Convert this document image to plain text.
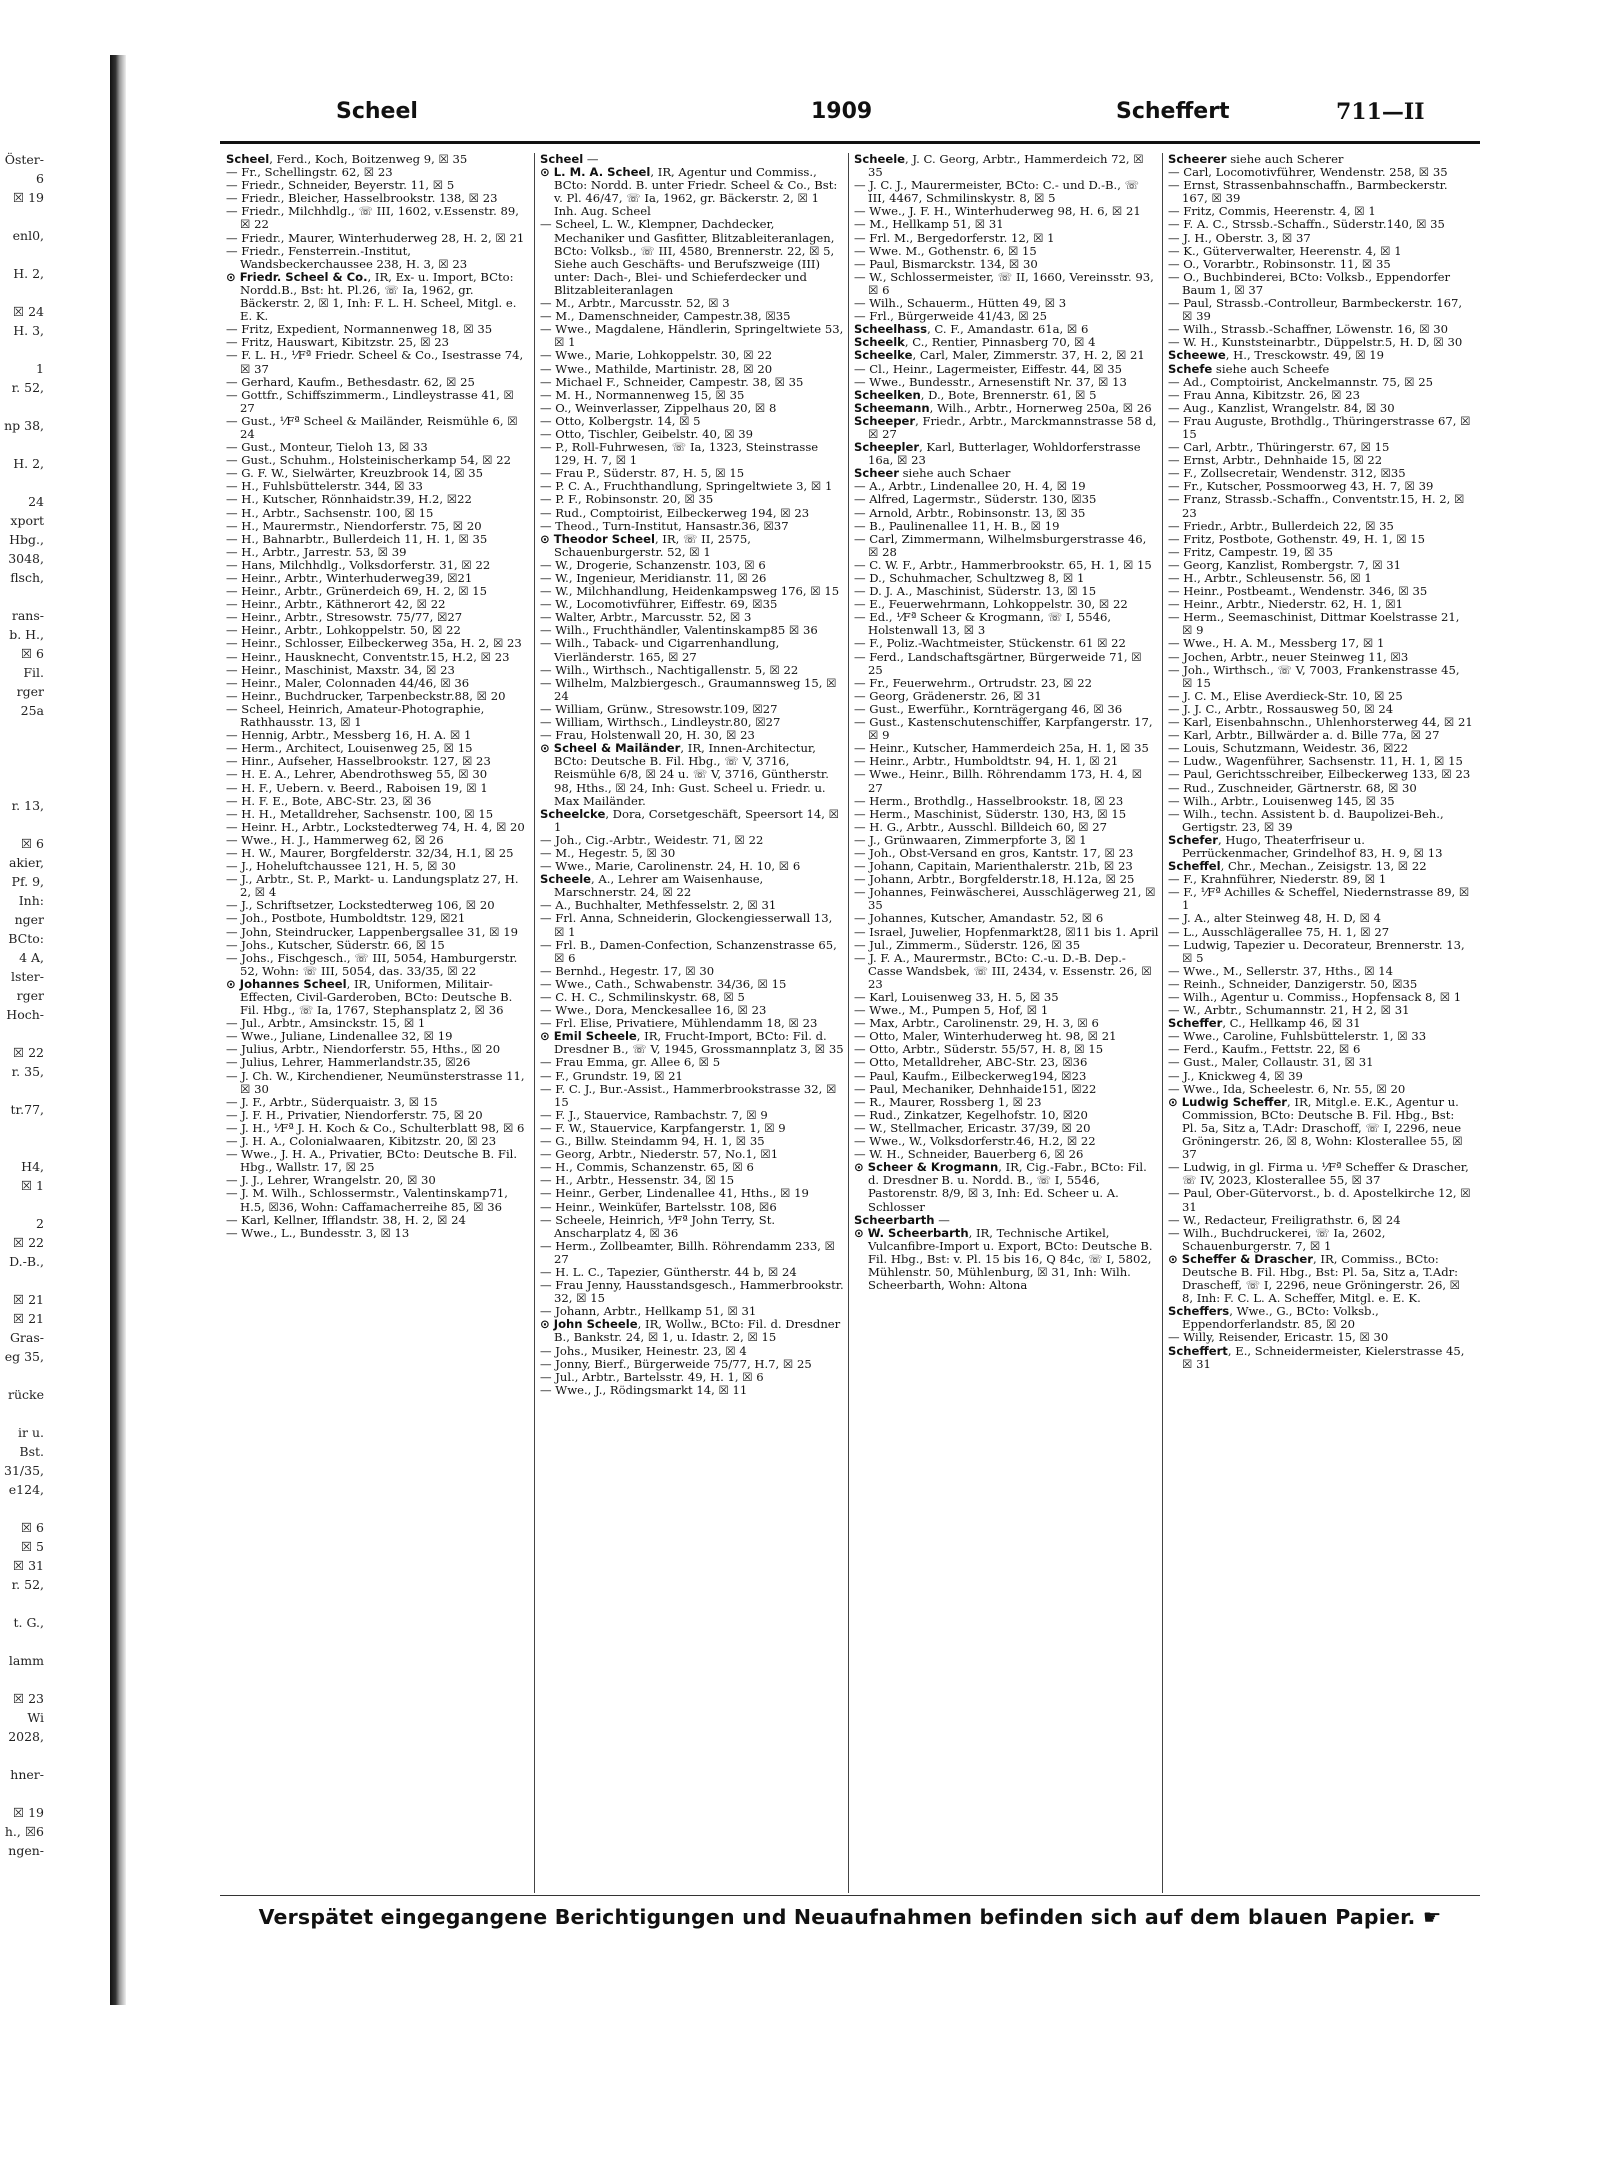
Öster-
6
☒ 19

enl0,

H. 2,

☒ 24
H. 3,

1
r. 52,

np 38,

H. 2,

24
xport
Hbg.,
3048,
flsch,

rans-
b. H.,
☒ 6
Fil.
rger
25a

r. 13,

☒ 6
akier,
Pf. 9,
Inh:
nger
BCto:
4 A,
lster-
rger
Hoch-

☒ 22
r. 35,

tr.77,

H4,
☒ 1

2
☒ 22
D.-B.,

☒ 21
☒ 21
Gras-
eg 35,

rücke

ir u.
Bst.
31/35,
e124,

☒ 6
☒ 5
☒ 31
r. 52,

t. G.,

lamm

☒ 23
Wi
2028,

hner-

☒ 19
h., ☒6
ngen-
Scheel	1909	Scheffert	711—II

Scheel, Ferd., Koch, Boitzenweg 9, ☒ 35

— Fr., Schellingstr. 62, ☒ 23

— Friedr., Schneider, Beyerstr. 11, ☒ 5

— Friedr., Bleicher, Hasselbrookstr. 138, ☒ 23

— Friedr., Milchhdlg., ☏ III, 1602, v.Essenstr. 89, ☒ 22

— Friedr., Maurer, Winterhuderweg 28, H. 2, ☒ 21

— Friedr., Fensterrein.-Institut, Wandsbeckerchaussee 238, H. 3, ☒ 23

⊙ Friedr. Scheel & Co., IR, Ex- u. Import, BCto: Nordd.B., Bst: ht. Pl.26, ☏ Ia, 1962, gr. Bäckerstr. 2, ☒ 1, Inh: F. L. H. Scheel, Mitgl. e. E. K.

— Fritz, Expedient, Normannenweg 18, ☒ 35

— Fritz, Hauswart, Kibitzstr. 25, ☒ 23

— F. L. H., ⅟Fª Friedr. Scheel & Co., Isestrasse 74, ☒ 37

— Gerhard, Kaufm., Bethesdastr. 62, ☒ 25

— Gottfr., Schiffszimmerm., Lindleystrasse 41, ☒ 27

— Gust., ⅟Fª Scheel & Mailänder, Reismühle 6, ☒ 24

— Gust., Monteur, Tieloh 13, ☒ 33

— Gust., Schuhm., Holsteinischerkamp 54, ☒ 22

— G. F. W., Sielwärter, Kreuzbrook 14, ☒ 35

— H., Fuhlsbüttelerstr. 344, ☒ 33

— H., Kutscher, Rönnhaidstr.39, H.2, ☒22

— H., Arbtr., Sachsenstr. 100, ☒ 15

— H., Maurermstr., Niendorferstr. 75, ☒ 20

— H., Bahnarbtr., Bullerdeich 11, H. 1, ☒ 35

— H., Arbtr., Jarrestr. 53, ☒ 39

— Hans, Milchhdlg., Volksdorferstr. 31, ☒ 22

— Heinr., Arbtr., Winterhuderweg39, ☒21

— Heinr., Arbtr., Grünerdeich 69, H. 2, ☒ 15

— Heinr., Arbtr., Käthnerort 42, ☒ 22

— Heinr., Arbtr., Stresowstr. 75/77, ☒27

— Heinr., Arbtr., Lohkoppelstr. 50, ☒ 22

— Heinr., Schlosser, Eilbeckerweg 35a, H. 2, ☒ 23

— Heinr., Hausknecht, Conventstr.15, H.2, ☒ 23

— Heinr., Maschinist, Maxstr. 34, ☒ 23

— Heinr., Maler, Colonnaden 44/46, ☒ 36

— Heinr., Buchdrucker, Tarpenbeckstr.88, ☒ 20

— Scheel, Heinrich, Amateur-Photographie, Rathhausstr. 13, ☒ 1

— Hennig, Arbtr., Messberg 16, H. A. ☒ 1

— Herm., Architect, Louisenweg 25, ☒ 15

— Hinr., Aufseher, Hasselbrookstr. 127, ☒ 23

— H. E. A., Lehrer, Abendrothsweg 55, ☒ 30

— H. F., Uebern. v. Beerd., Raboisen 19, ☒ 1

— H. F. E., Bote, ABC-Str. 23, ☒ 36

— H. H., Metalldreher, Sachsenstr. 100, ☒ 15

— Heinr. H., Arbtr., Lockstedterweg 74, H. 4, ☒ 20

— Wwe., H. J., Hammerweg 62, ☒ 26

— H. W., Maurer, Borgfelderstr. 32/34, H.1, ☒ 25

— J., Hoheluftchaussee 121, H. 5, ☒ 30

— J., Arbtr., St. P., Markt- u. Landungsplatz 27, H. 2, ☒ 4

— J., Schriftsetzer, Lockstedterweg 106, ☒ 20

— Joh., Postbote, Humboldtstr. 129, ☒21

— John, Steindrucker, Lappenbergsallee 31, ☒ 19

— Johs., Kutscher, Süderstr. 66, ☒ 15

— Johs., Fischgesch., ☏ III, 5054, Hamburgerstr. 52, Wohn: ☏ III, 5054, das. 33/35, ☒ 22

⊙ Johannes Scheel, IR, Uniformen, Militair-Effecten, Civil-Garderoben, BCto: Deutsche B. Fil. Hbg., ☏ Ia, 1767, Stephansplatz 2, ☒ 36

— Jul., Arbtr., Amsinckstr. 15, ☒ 1

— Wwe., Juliane, Lindenallee 32, ☒ 19

— Julius, Arbtr., Niendorferstr. 55, Hths., ☒ 20

— Julius, Lehrer, Hammerlandstr.35, ☒26

— J. Ch. W., Kirchendiener, Neumünsterstrasse 11, ☒ 30

— J. F., Arbtr., Süderquaistr. 3, ☒ 15

— J. F. H., Privatier, Niendorferstr. 75, ☒ 20

— J. H., ⅟Fª J. H. Koch & Co., Schulterblatt 98, ☒ 6

— J. H. A., Colonialwaaren, Kibitzstr. 20, ☒ 23

— Wwe., J. H. A., Privatier, BCto: Deutsche B. Fil. Hbg., Wallstr. 17, ☒ 25

— J. J., Lehrer, Wrangelstr. 20, ☒ 30

— J. M. Wilh., Schlossermstr., Valentinskamp71, H.5, ☒36, Wohn: Caffamacherreihe 85, ☒ 36

— Karl, Kellner, Ifflandstr. 38, H. 2, ☒ 24

— Wwe., L., Bundesstr. 3, ☒ 13

Scheel —

⊙ L. M. A. Scheel, IR, Agentur und Commiss., BCto: Nordd. B. unter Friedr. Scheel & Co., Bst: v. Pl. 46/47, ☏ Ia, 1962, gr. Bäckerstr. 2, ☒ 1 Inh. Aug. Scheel

— Scheel, L. W., Klempner, Dachdecker, Mechaniker und Gasfitter, Blitzableiteranlagen, BCto: Volksb., ☏ III, 4580, Brennerstr. 22, ☒ 5, Siehe auch Geschäfts- und Berufszweige (III) unter: Dach-, Blei- und Schieferdecker und Blitzableiteranlagen

— M., Arbtr., Marcusstr. 52, ☒ 3

— M., Damenschneider, Campestr.38, ☒35

— Wwe., Magdalene, Händlerin, Springeltwiete 53, ☒ 1

— Wwe., Marie, Lohkoppelstr. 30, ☒ 22

— Wwe., Mathilde, Martinistr. 28, ☒ 20

— Michael F., Schneider, Campestr. 38, ☒ 35

— M. H., Normannenweg 15, ☒ 35

— O., Weinverlasser, Zippelhaus 20, ☒ 8

— Otto, Kolbergstr. 14, ☒ 5

— Otto, Tischler, Geibelstr. 40, ☒ 39

— P., Roll-Fuhrwesen, ☏ Ia, 1323, Steinstrasse 129, H. 7, ☒ 1

— Frau P., Süderstr. 87, H. 5, ☒ 15

— P. C. A., Fruchthandlung, Springeltwiete 3, ☒ 1

— P. F., Robinsonstr. 20, ☒ 35

— Rud., Comptoirist, Eilbeckerweg 194, ☒ 23

— Theod., Turn-Institut, Hansastr.36, ☒37

⊙ Theodor Scheel, IR, ☏ II, 2575, Schauenburgerstr. 52, ☒ 1

— W., Drogerie, Schanzenstr. 103, ☒ 6

— W., Ingenieur, Meridianstr. 11, ☒ 26

— W., Milchhandlung, Heidenkampsweg 176, ☒ 15

— W., Locomotivführer, Eiffestr. 69, ☒35

— Walter, Arbtr., Marcusstr. 52, ☒ 3

— Wilh., Fruchthändler, Valentinskamp85 ☒ 36

— Wilh., Taback- und Cigarrenhandlung, Vierländerstr. 165, ☒ 27

— Wilh., Wirthsch., Nachtigallenstr. 5, ☒ 22

— Wilhelm, Malzbiergesch., Graumannsweg 15, ☒ 24

— William, Grünw., Stresowstr.109, ☒27

— William, Wirthsch., Lindleystr.80, ☒27

— Frau, Holstenwall 20, H. 30, ☒ 23

⊙ Scheel & Mailänder, IR, Innen-Architectur, BCto: Deutsche B. Fil. Hbg., ☏ V, 3716, Reismühle 6/8, ☒ 24 u. ☏ V, 3716, Güntherstr. 98, Hths., ☒ 24, Inh: Gust. Scheel u. Friedr. u. Max Mailänder.

Scheelcke, Dora, Corsetgeschäft, Speersort 14, ☒ 1

— Joh., Cig.-Arbtr., Weidestr. 71, ☒ 22

— M., Hegestr. 5, ☒ 30

— Wwe., Marie, Carolinenstr. 24, H. 10, ☒ 6

Scheele, A., Lehrer am Waisenhause, Marschnerstr. 24, ☒ 22

— A., Buchhalter, Methfesselstr. 2, ☒ 31

— Frl. Anna, Schneiderin, Glockengiesserwall 13, ☒ 1

— Frl. B., Damen-Confection, Schanzenstrasse 65, ☒ 6

— Bernhd., Hegestr. 17, ☒ 30

— Wwe., Cath., Schwabenstr. 34/36, ☒ 15

— C. H. C., Schmilinskystr. 68, ☒ 5

— Wwe., Dora, Menckesallee 16, ☒ 23

— Frl. Elise, Privatiere, Mühlendamm 18, ☒ 23

⊙ Emil Scheele, IR, Frucht-Import, BCto: Fil. d. Dresdner B., ☏ V, 1945, Grossmannplatz 3, ☒ 35

— Frau Emma, gr. Allee 6, ☒ 5

— F., Grundstr. 19, ☒ 21

— F. C. J., Bur.-Assist., Hammerbrookstrasse 32, ☒ 15

— F. J., Stauervice, Rambachstr. 7, ☒ 9

— F. W., Stauervice, Karpfangerstr. 1, ☒ 9

— G., Billw. Steindamm 94, H. 1, ☒ 35

— Georg, Arbtr., Niederstr. 57, No.1, ☒1

— H., Commis, Schanzenstr. 65, ☒ 6

— H., Arbtr., Hessenstr. 34, ☒ 15

— Heinr., Gerber, Lindenallee 41, Hths., ☒ 19

— Heinr., Weinküfer, Bartelsstr. 108, ☒6

— Scheele, Heinrich, ⅟Fª John Terry, St. Anscharplatz 4, ☒ 36

— Herm., Zollbeamter, Billh. Röhrendamm 233, ☒ 27

— H. L. C., Tapezier, Güntherstr. 44 b, ☒ 24

— Frau Jenny, Hausstandsgesch., Hammerbrookstr. 32, ☒ 15

— Johann, Arbtr., Hellkamp 51, ☒ 31

⊙ John Scheele, IR, Wollw., BCto: Fil. d. Dresdner B., Bankstr. 24, ☒ 1, u. Idastr. 2, ☒ 15

— Johs., Musiker, Heinestr. 23, ☒ 4

— Jonny, Bierf., Bürgerweide 75/77, H.7, ☒ 25

— Jul., Arbtr., Bartelsstr. 49, H. 1, ☒ 6

— Wwe., J., Rödingsmarkt 14, ☒ 11

Scheele, J. C. Georg, Arbtr., Hammerdeich 72, ☒ 35

— J. C. J., Maurermeister, BCto: C.- und D.-B., ☏ III, 4467, Schmilinskystr. 8, ☒ 5

— Wwe., J. F. H., Winterhuderweg 98, H. 6, ☒ 21

— M., Hellkamp 51, ☒ 31

— Frl. M., Bergedorferstr. 12, ☒ 1

— Wwe. M., Gothenstr. 6, ☒ 15

— Paul, Bismarckstr. 134, ☒ 30

— W., Schlossermeister, ☏ II, 1660, Vereinsstr. 93, ☒ 6

— Wilh., Schauerm., Hütten 49, ☒ 3

— Frl., Bürgerweide 41/43, ☒ 25

Scheelhass, C. F., Amandastr. 61a, ☒ 6

Scheelk, C., Rentier, Pinnasberg 70, ☒ 4

Scheelke, Carl, Maler, Zimmerstr. 37, H. 2, ☒ 21

— Cl., Heinr., Lagermeister, Eiffestr. 44, ☒ 35

— Wwe., Bundesstr., Arnesenstift Nr. 37, ☒ 13

Scheelken, D., Bote, Brennerstr. 61, ☒ 5

Scheemann, Wilh., Arbtr., Hornerweg 250a, ☒ 26

Scheeper, Friedr., Arbtr., Marckmannstrasse 58 d, ☒ 27

Scheepler, Karl, Butterlager, Wohldorferstrasse 16a, ☒ 23

Scheer siehe auch Schaer

— A., Arbtr., Lindenallee 20, H. 4, ☒ 19

— Alfred, Lagermstr., Süderstr. 130, ☒35

— Arnold, Arbtr., Robinsonstr. 13, ☒ 35

— B., Paulinenallee 11, H. B., ☒ 19

— Carl, Zimmermann, Wilhelmsburgerstrasse 46, ☒ 28

— C. W. F., Arbtr., Hammerbrookstr. 65, H. 1, ☒ 15

— D., Schuhmacher, Schultzweg 8, ☒ 1

— D. J. A., Maschinist, Süderstr. 13, ☒ 15

— E., Feuerwehrmann, Lohkoppelstr. 30, ☒ 22

— Ed., ⅟Fª Scheer & Krogmann, ☏ I, 5546, Holstenwall 13, ☒ 3

— F., Poliz.-Wachtmeister, Stückenstr. 61 ☒ 22

— Ferd., Landschaftsgärtner, Bürgerweide 71, ☒ 25

— Fr., Feuerwehrm., Ortrudstr. 23, ☒ 22

— Georg, Grädenerstr. 26, ☒ 31

— Gust., Ewerführ., Kornträgergang 46, ☒ 36

— Gust., Kastenschutenschiffer, Karpfangerstr. 17, ☒ 9

— Heinr., Kutscher, Hammerdeich 25a, H. 1, ☒ 35

— Heinr., Arbtr., Humboldtstr. 94, H. 1, ☒ 21

— Wwe., Heinr., Billh. Röhrendamm 173, H. 4, ☒ 27

— Herm., Brothdlg., Hasselbrookstr. 18, ☒ 23

— Herm., Maschinist, Süderstr. 130, H3, ☒ 15

— H. G., Arbtr., Ausschl. Billdeich 60, ☒ 27

— J., Grünwaaren, Zimmerpforte 3, ☒ 1

— Joh., Obst-Versand en gros, Kantstr. 17, ☒ 23

— Johann, Capitain, Marienthalerstr. 21b, ☒ 23

— Johann, Arbtr., Borgfelderstr.18, H.12a, ☒ 25

— Johannes, Feinwäscherei, Ausschlägerweg 21, ☒ 35

— Johannes, Kutscher, Amandastr. 52, ☒ 6

— Israel, Juwelier, Hopfenmarkt28, ☒11 bis 1. April

— Jul., Zimmerm., Süderstr. 126, ☒ 35

— J. F. A., Maurermstr., BCto: C.-u. D.-B. Dep.-Casse Wandsbek, ☏ III, 2434, v. Essenstr. 26, ☒ 23

— Karl, Louisenweg 33, H. 5, ☒ 35

— Wwe., M., Pumpen 5, Hof, ☒ 1

— Max, Arbtr., Carolinenstr. 29, H. 3, ☒ 6

— Otto, Maler, Winterhuderweg ht. 98, ☒ 21

— Otto, Arbtr., Süderstr. 55/57, H. 8, ☒ 15

— Otto, Metalldreher, ABC-Str. 23, ☒36

— Paul, Kaufm., Eilbeckerweg194, ☒23

— Paul, Mechaniker, Dehnhaide151, ☒22

— R., Maurer, Rossberg 1, ☒ 23

— Rud., Zinkatzer, Kegelhofstr. 10, ☒20

— W., Stellmacher, Ericastr. 37/39, ☒ 20

— Wwe., W., Volksdorferstr.46, H.2, ☒ 22

— W. H., Schneider, Bauerberg 6, ☒ 26

⊙ Scheer & Krogmann, IR, Cig.-Fabr., BCto: Fil. d. Dresdner B. u. Nordd. B., ☏ I, 5546, Pastorenstr. 8/9, ☒ 3, Inh: Ed. Scheer u. A. Schlosser

Scheerbarth —

⊙ W. Scheerbarth, IR, Technische Artikel, Vulcanfibre-Import u. Export, BCto: Deutsche B. Fil. Hbg., Bst: v. Pl. 15 bis 16, Q 84c, ☏ I, 5802, Mühlenstr. 50, Mühlenburg, ☒ 31, Inh: Wilh. Scheerbarth, Wohn: Altona

Scheerer siehe auch Scherer

— Carl, Locomotivführer, Wendenstr. 258, ☒ 35

— Ernst, Strassenbahnschaffn., Barmbeckerstr. 167, ☒ 39

— Fritz, Commis, Heerenstr. 4, ☒ 1

— F. A. C., Strssb.-Schaffn., Süderstr.140, ☒ 35

— J. H., Oberstr. 3, ☒ 37

— K., Güterverwalter, Heerenstr. 4, ☒ 1

— O., Vorarbtr., Robinsonstr. 11, ☒ 35

— O., Buchbinderei, BCto: Volksb., Eppendorfer Baum 1, ☒ 37

— Paul, Strassb.-Controlleur, Barmbeckerstr. 167, ☒ 39

— Wilh., Strassb.-Schaffner, Löwenstr. 16, ☒ 30

— W. H., Kunststeinarbtr., Düppelstr.5, H. D, ☒ 30

Scheewe, H., Tresckowstr. 49, ☒ 19

Schefe siehe auch Scheefe

— Ad., Comptoirist, Anckelmannstr. 75, ☒ 25

— Frau Anna, Kibitzstr. 26, ☒ 23

— Aug., Kanzlist, Wrangelstr. 84, ☒ 30

— Frau Auguste, Brothdlg., Thüringerstrasse 67, ☒ 15

— Carl, Arbtr., Thüringerstr. 67, ☒ 15

— Ernst, Arbtr., Dehnhaide 15, ☒ 22

— F., Zollsecretair, Wendenstr. 312, ☒35

— Fr., Kutscher, Possmoorweg 43, H. 7, ☒ 39

— Franz, Strassb.-Schaffn., Conventstr.15, H. 2, ☒ 23

— Friedr., Arbtr., Bullerdeich 22, ☒ 35

— Fritz, Postbote, Gothenstr. 49, H. 1, ☒ 15

— Fritz, Campestr. 19, ☒ 35

— Georg, Kanzlist, Rombergstr. 7, ☒ 31

— H., Arbtr., Schleusenstr. 56, ☒ 1

— Heinr., Postbeamt., Wendenstr. 346, ☒ 35

— Heinr., Arbtr., Niederstr. 62, H. 1, ☒1

— Herm., Seemaschinist, Dittmar Koelstrasse 21, ☒ 9

— Wwe., H. A. M., Messberg 17, ☒ 1

— Jochen, Arbtr., neuer Steinweg 11, ☒3

— Joh., Wirthsch., ☏ V, 7003, Frankenstrasse 45, ☒ 15

— J. C. M., Elise Averdieck-Str. 10, ☒ 25

— J. J. C., Arbtr., Rossausweg 50, ☒ 24

— Karl, Eisenbahnschn., Uhlenhorsterweg 44, ☒ 21

— Karl, Arbtr., Billwärder a. d. Bille 77a, ☒ 27

— Louis, Schutzmann, Weidestr. 36, ☒22

— Ludw., Wagenführer, Sachsenstr. 11, H. 1, ☒ 15

— Paul, Gerichtsschreiber, Eilbeckerweg 133, ☒ 23

— Rud., Zuschneider, Gärtnerstr. 68, ☒ 30

— Wilh., Arbtr., Louisenweg 145, ☒ 35

— Wilh., techn. Assistent b. d. Baupolizei-Beh., Gertigstr. 23, ☒ 39

Schefer, Hugo, Theaterfriseur u. Perrückenmacher, Grindelhof 83, H. 9, ☒ 13

Scheffel, Chr., Mechan., Zeisigstr. 13, ☒ 22

— F., Krahnführer, Niederstr. 89, ☒ 1

— F., ⅟Fª Achilles & Scheffel, Niedernstrasse 89, ☒ 1

— J. A., alter Steinweg 48, H. D, ☒ 4

— L., Ausschlägerallee 75, H. 1, ☒ 27

— Ludwig, Tapezier u. Decorateur, Brennerstr. 13, ☒ 5

— Wwe., M., Sellerstr. 37, Hths., ☒ 14

— Reinh., Schneider, Danzigerstr. 50, ☒35

— Wilh., Agentur u. Commiss., Hopfensack 8, ☒ 1

— W., Arbtr., Schumannstr. 21, H 2, ☒ 31

Scheffer, C., Hellkamp 46, ☒ 31

— Wwe., Caroline, Fuhlsbüttelerstr. 1, ☒ 33

— Ferd., Kaufm., Fettstr. 22, ☒ 6

— Gust., Maler, Collaustr. 31, ☒ 31

— J., Knickweg 4, ☒ 39

— Wwe., Ida, Scheelestr. 6, Nr. 55, ☒ 20

⊙ Ludwig Scheffer, IR, Mitgl.e. E.K., Agentur u. Commission, BCto: Deutsche B. Fil. Hbg., Bst: Pl. 5a, Sitz a, T.Adr: Draschoff, ☏ I, 2296, neue Gröningerstr. 26, ☒ 8, Wohn: Klosterallee 55, ☒ 37

— Ludwig, in gl. Firma u. ⅟Fª Scheffer & Drascher, ☏ IV, 2023, Klosterallee 55, ☒ 37

— Paul, Ober-Gütervorst., b. d. Apostelkirche 12, ☒ 31

— W., Redacteur, Freiligrathstr. 6, ☒ 24

— Wilh., Buchdruckerei, ☏ Ia, 2602, Schauenburgerstr. 7, ☒ 1

⊙ Scheffer & Drascher, IR, Commiss., BCto: Deutsche B. Fil. Hbg., Bst: Pl. 5a, Sitz a, T.Adr: Drascheff, ☏ I, 2296, neue Gröningerstr. 26, ☒ 8, Inh: F. C. L. A. Scheffer, Mitgl. e. E. K.

Scheffers, Wwe., G., BCto: Volksb., Eppendorferlandstr. 85, ☒ 20

— Willy, Reisender, Ericastr. 15, ☒ 30

Scheffert, E., Schneidermeister, Kielerstrasse 45, ☒ 31

Verspätet eingegangene Berichtigungen und Neuaufnahmen befinden sich auf dem blauen Papier. ☛
